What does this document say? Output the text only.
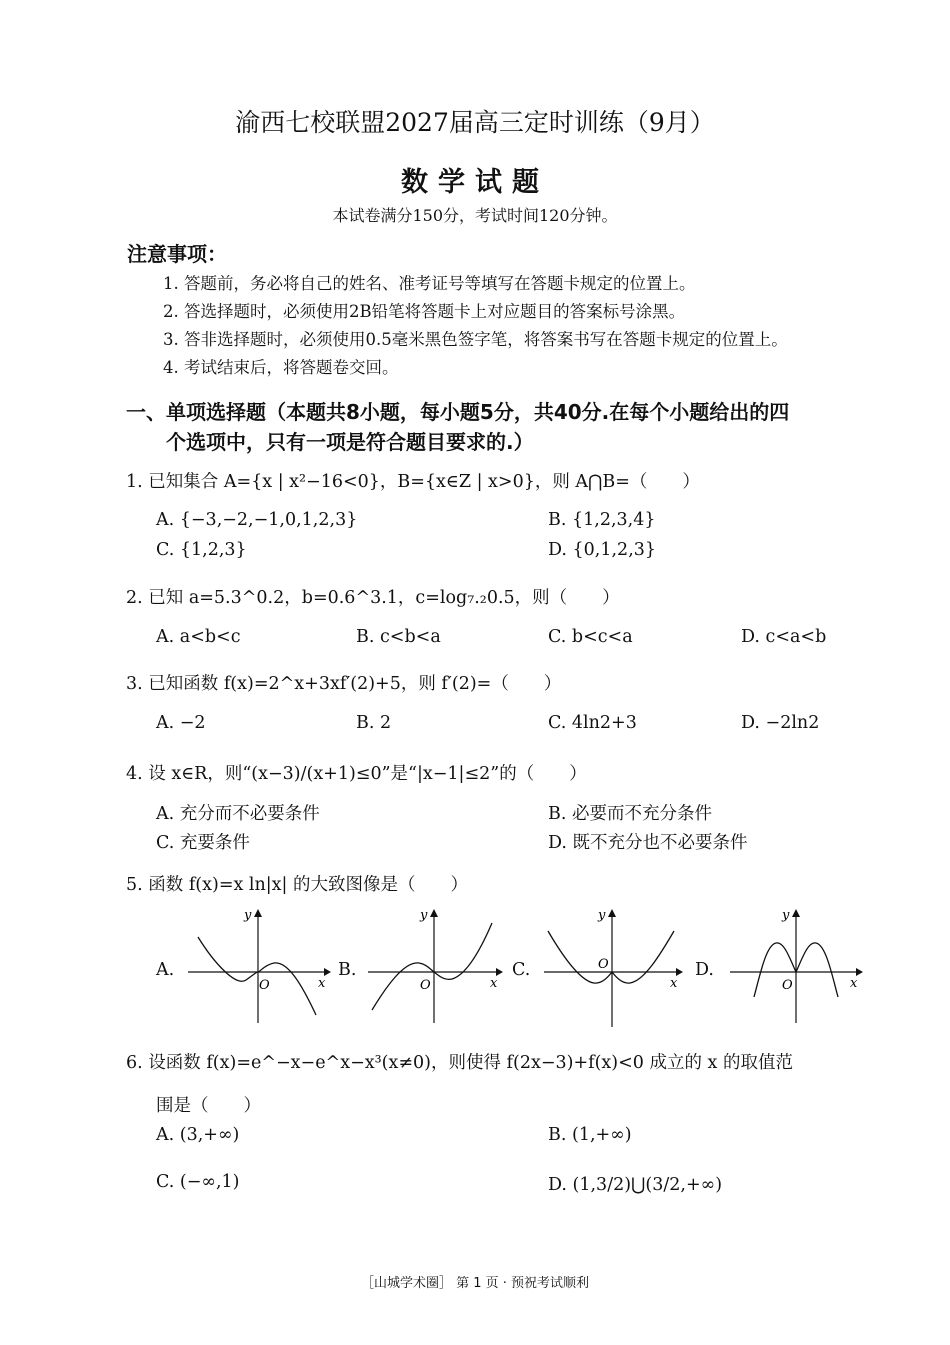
渝西七校联盟2027届高三定时训练（9月）
数学试题
本试卷满分150分，考试时间120分钟。
注意事项：
1. 答题前，务必将自己的姓名、准考证号等填写在答题卡规定的位置上。
2. 答选择题时，必须使用2B铅笔将答题卡上对应题目的答案标号涂黑。
3. 答非选择题时，必须使用0.5毫米黑色签字笔，将答案书写在答题卡规定的位置上。
4. 考试结束后，将答题卷交回。
一、单项选择题（本题共8小题，每小题5分，共40分.在每个小题给出的四
个选项中，只有一项是符合题目要求的.）
1. 已知集合 A={x | x²−16<0}，B={x∈Z | x>0}，则 A⋂B=（　　）
A. {−3,−2,−1,0,1,2,3}	B. {1,2,3,4}
C. {1,2,3}	D. {0,1,2,3}
2. 已知 a=5.3^0.2，b=0.6^3.1，c=log₇.₂0.5，则（　　）
A. a<b<c	B. c<b<a	C. b<c<a	D. c<a<b
3. 已知函数 f(x)=2^x+3xf′(2)+5，则 f′(2)=（　　）
A. −2	B. 2	C. 4ln2+3	D. −2ln2
4. 设 x∈R，则“(x−3)/(x+1)≤0”是“|x−1|≤2”的（　　）
A. 充分而不必要条件	B. 必要而不充分条件
C. 充要条件	D. 既不充分也不必要条件
5. 函数 f(x)=x ln|x| 的大致图像是（　　）
A.	B.	C.	D.
y
x
O
y
x
O
y
x
O
y
x
O
6. 设函数 f(x)=e^−x−e^x−x³(x≠0)，则使得 f(2x−3)+f(x)<0 成立的 x 的取值范
围是（　　）
A. (3,+∞)	B. (1,+∞)
C. (−∞,1)	D. (1,3/2)⋃(3/2,+∞)
［山城学术圈］ 第 1 页 · 预祝考试顺利
